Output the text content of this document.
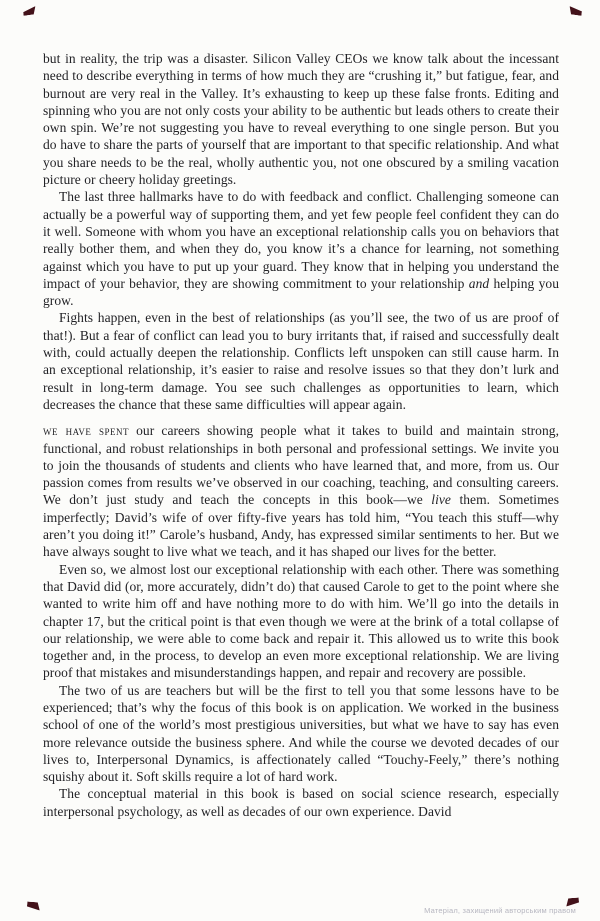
but in reality, the trip was a disaster. Silicon Valley CEOs we know talk about the incessant need to describe everything in terms of how much they are “crushing it,” but fatigue, fear, and burnout are very real in the Valley. It’s exhausting to keep up these false fronts. Editing and spinning who you are not only costs your ability to be authentic but leads others to create their own spin. We’re not suggesting you have to reveal everything to one single person. But you do have to share the parts of yourself that are important to that specific relationship. And what you share needs to be the real, wholly authentic you, not one obscured by a smiling vacation picture or cheery holiday greetings.

The last three hallmarks have to do with feedback and conflict. Challenging someone can actually be a powerful way of supporting them, and yet few people feel confident they can do it well. Someone with whom you have an exceptional relationship calls you on behaviors that really bother them, and when they do, you know it’s a chance for learning, not something against which you have to put up your guard. They know that in helping you understand the impact of your behavior, they are showing commitment to your relationship and helping you grow.

Fights happen, even in the best of relationships (as you’ll see, the two of us are proof of that!). But a fear of conflict can lead you to bury irritants that, if raised and successfully dealt with, could actually deepen the relationship. Conflicts left unspoken can still cause harm. In an exceptional relationship, it’s easier to raise and resolve issues so that they don’t lurk and result in long-term damage. You see such challenges as opportunities to learn, which decreases the chance that these same difficulties will appear again.

we have spent our careers showing people what it takes to build and maintain strong, functional, and robust relationships in both personal and professional settings. We invite you to join the thousands of students and clients who have learned that, and more, from us. Our passion comes from results we’ve observed in our coaching, teaching, and consulting careers. We don’t just study and teach the concepts in this book—we live them. Sometimes imperfectly; David’s wife of over fifty-five years has told him, “You teach this stuff—why aren’t you doing it!” Carole’s husband, Andy, has expressed similar sentiments to her. But we have always sought to live what we teach, and it has shaped our lives for the better.

Even so, we almost lost our exceptional relationship with each other. There was something that David did (or, more accurately, didn’t do) that caused Carole to get to the point where she wanted to write him off and have nothing more to do with him. We’ll go into the details in chapter 17, but the critical point is that even though we were at the brink of a total collapse of our relationship, we were able to come back and repair it. This allowed us to write this book together and, in the process, to develop an even more exceptional relationship. We are living proof that mistakes and misunderstandings happen, and repair and recovery are possible.

The two of us are teachers but will be the first to tell you that some lessons have to be experienced; that’s why the focus of this book is on application. We worked in the business school of one of the world’s most prestigious universities, but what we have to say has even more relevance outside the business sphere. And while the course we devoted decades of our lives to, Interpersonal Dynamics, is affectionately called “Touchy-Feely,” there’s nothing squishy about it. Soft skills require a lot of hard work.

The conceptual material in this book is based on social science research, especially interpersonal psychology, as well as decades of our own experience. David

Матеріал, захищений авторським правом
